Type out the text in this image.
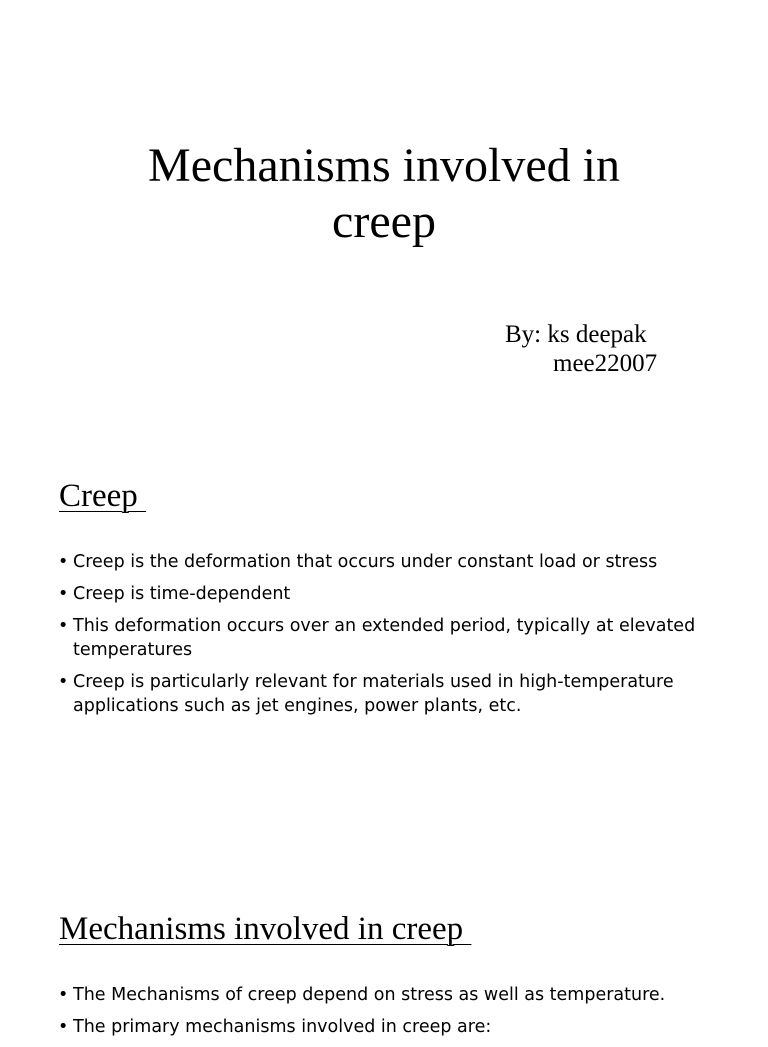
Mechanisms involved in
creep
By: ks deepak
mee22007
Creep
• Creep is the deformation that occurs under constant load or stress
• Creep is time-dependent
• This deformation occurs over an extended period, typically at elevated temperatures
• Creep is particularly relevant for materials used in high-temperature applications such as jet engines, power plants, etc.
Mechanisms involved in creep
• The Mechanisms of creep depend on stress as well as temperature.
• The primary mechanisms involved in creep are:
